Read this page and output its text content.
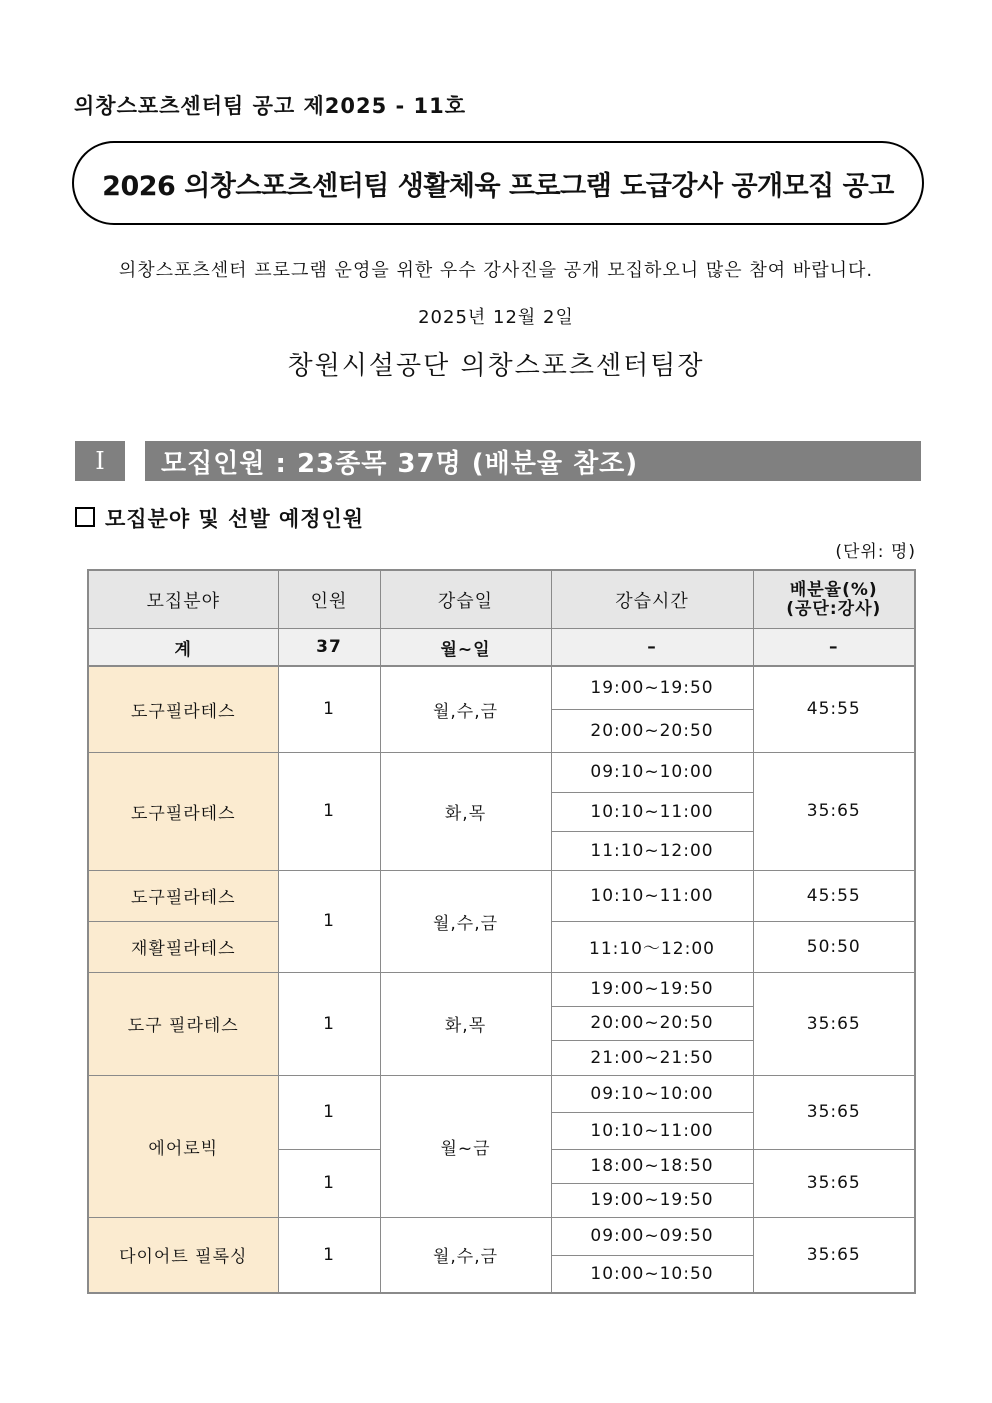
의창스포츠센터팀 공고 제2025 - 11호
2026 의창스포츠센터팀 생활체육 프로그램 도급강사 공개모집 공고
의창스포츠센터 프로그램 운영을 위한 우수 강사진을 공개 모집하오니 많은 참여 바랍니다.
2025년 12월 2일
창원시설공단 의창스포츠센터팀장
Ⅰ	모집인원 : 23종목 37명 (배분율 참조)
모집분야 및 선발 예정인원
(단위: 명)
모집분야	인원	강습일	강습시간	배분율(%)
(공단:강사)

계	37	월~일	–	–
도구필라테스	1	월,수,금	19:00~19:50	45:55
			20:00~20:50	
도구필라테스	1	화,목	09:10~10:00	35:65
			10:10~11:00	
			11:10~12:00	
도구필라테스	1	월,수,금	10:10~11:00	45:55
재활필라테스			11:10～12:00	50:50
도구 필라테스	1	화,목	19:00~19:50	35:65
			20:00~20:50	
			21:00~21:50	
에어로빅	1	월~금	09:10~10:00	35:65
			10:10~11:00	
	1		18:00~18:50	35:65
			19:00~19:50	
다이어트 필록싱	1	월,수,금	09:00~09:50	35:65
			10:00~10:50	
